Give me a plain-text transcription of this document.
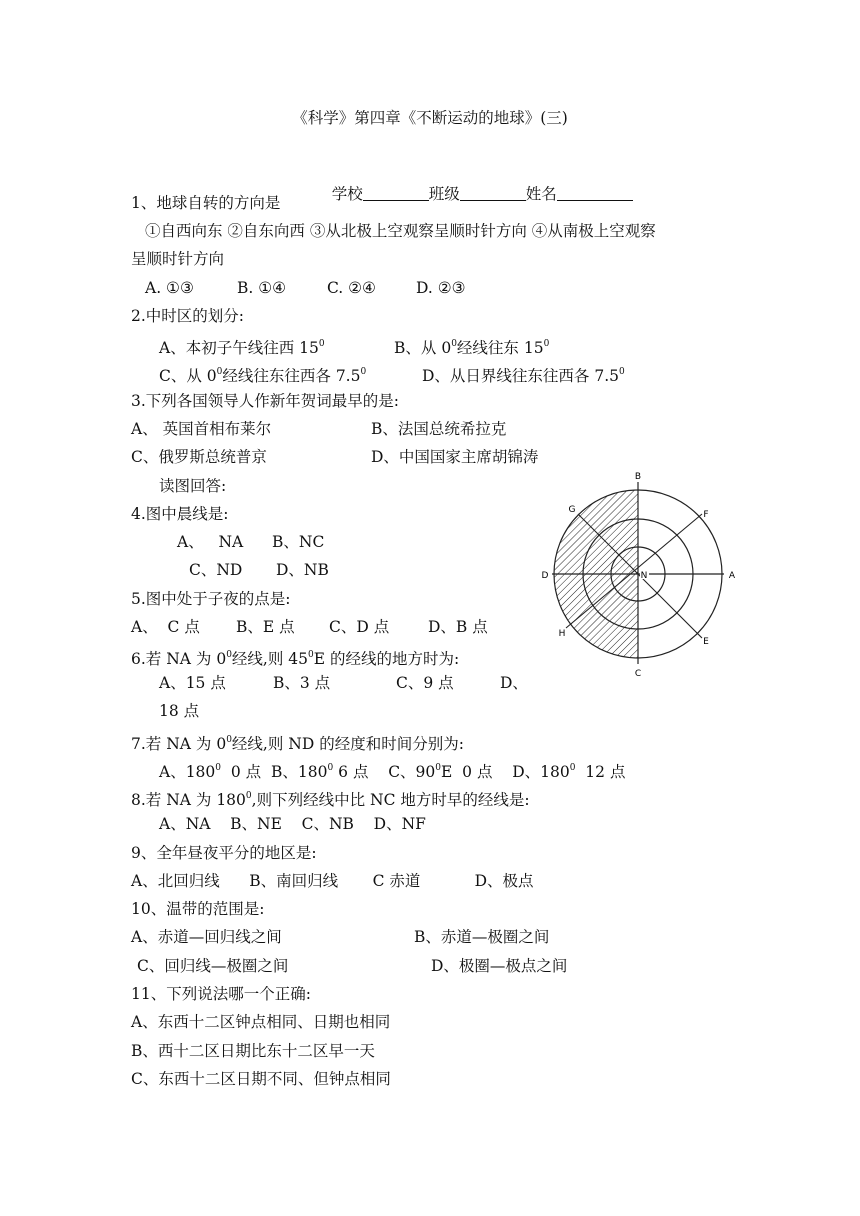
《科学》第四章《不断运动的地球》(三)

学校	班级	姓名

1、地球自转的方向是
①自西向东 ②自东向西 ③从北极上空观察呈顺时针方向 ④从南极上空观察
呈顺时针方向
A. ①③	B. ①④	C. ②④	D. ②③
2.中时区的划分:
A、本初子午线往西 $15^0$	B、从 $0^0$经线往东 $15^0$
C、从 $0^0$经线往东往西各 $7.5^0$	D、从日界线往东往西各 $7.5^0$
3.下列各国领导人作新年贺词最早的是:
A、 英国首相布莱尔	B、法国总统希拉克
C、俄罗斯总统普京	D、中国国家主席胡锦涛
读图回答:
4.图中晨线是:
A、   NA B、NC
C、ND D、NB
5.图中处于子夜的点是:
A、  C 点 B、E 点 C、D 点	D、B 点
6.若 NA 为 $0^0$经线,则 $45^0E$ 的经线的地方时为:
A、15 点	B、3 点	C、9 点	D、
18 点
7.若 NA 为 $0^0$经线,则 ND 的经度和时间分别为:
A、$180^0$  0 点 B、$180^0$ 6 点 C、$90^0E$  0 点 D、$180^0$  12 点
8.若 NA 为 $180^0$,则下列经线中比 NC 地方时早的经线是:
A、NA    B、NE    C、NB    D、NF
9、全年昼夜平分的地区是:
A、北回归线      B、南回归线       C 赤道           D、极点
10、温带的范围是:
A、赤道—回归线之间	B、赤道—极圈之间
C、回归线—极圈之间	D、极圈—极点之间
11、下列说法哪一个正确:
A、东西十二区钟点相同、日期也相同
B、西十二区日期比东十二区早一天
C、东西十二区日期不同、但钟点相同
N
B
C
A
D
G	F
H
E
